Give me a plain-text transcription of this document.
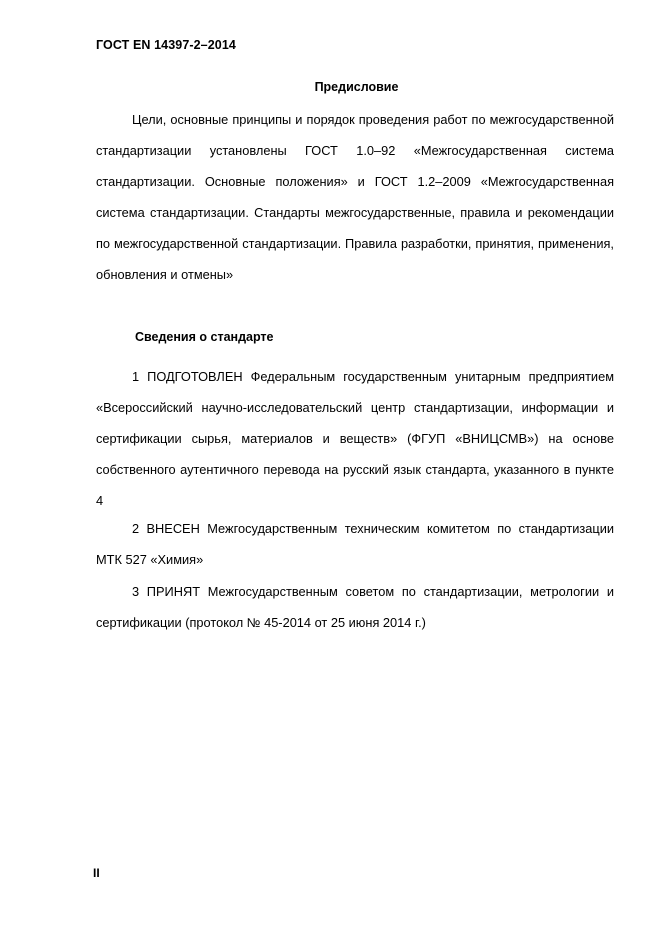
ГОСТ EN 14397-2–2014
Предисловие
Цели, основные принципы и порядок проведения работ по межгосударственной стандартизации установлены ГОСТ 1.0–92 «Межгосударственная система стандартизации. Основные положения» и ГОСТ 1.2–2009 «Межгосударственная система стандартизации. Стандарты межгосударственные, правила и рекомендации по межгосударственной стандартизации. Правила разработки, принятия, применения, обновления и отмены»
Сведения о стандарте
1 ПОДГОТОВЛЕН Федеральным государственным унитарным предприятием «Всероссийский научно-исследовательский центр стандартизации, информации и сертификации сырья, материалов и веществ» (ФГУП «ВНИЦСМВ») на основе собственного аутентичного перевода на русский язык стандарта, указанного в пункте 4
2 ВНЕСЕН Межгосударственным техническим комитетом по стандартизации МТК 527 «Химия»
3 ПРИНЯТ Межгосударственным советом по стандартизации, метрологии и сертификации (протокол № 45-2014 от 25 июня 2014 г.)
II
